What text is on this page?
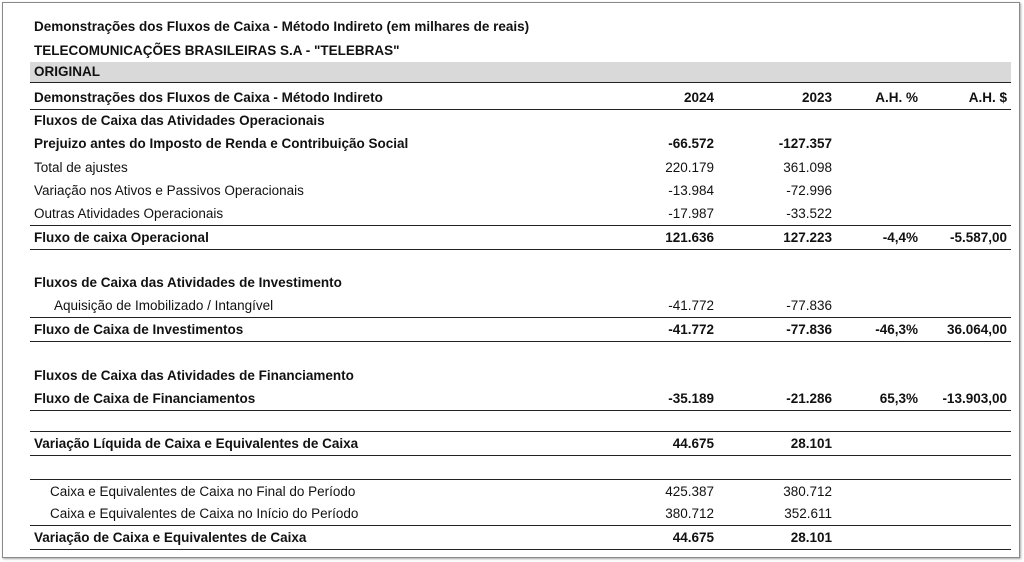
Demonstrações dos Fluxos de Caixa - Método Indireto (em milhares de reais)
TELECOMUNICAÇÕES BRASILEIRAS S.A - "TELEBRAS"
ORIGINAL
Demonstrações dos Fluxos de Caixa - Método Indireto	2024	2023	A.H. %	A.H. $
Fluxos de Caixa das Atividades Operacionais
Prejuizo antes do Imposto de Renda e Contribuição Social	-66.572	-127.357
Total de ajustes	220.179	361.098
Variação nos Ativos e Passivos Operacionais	-13.984	-72.996
Outras Atividades Operacionais	-17.987	-33.522
Fluxo de caixa Operacional	121.636	127.223	-4,4% -5.587,00
Fluxos de Caixa das Atividades de Investimento
Aquisição de Imobilizado / Intangível	-41.772	-77.836
Fluxo de Caixa de Investimentos	-41.772	-77.836	-46,3% 36.064,00
Fluxos de Caixa das Atividades de Financiamento
Fluxo de Caixa de Financiamentos	-35.189	-21.286	65,3% -13.903,00
Variação Líquida de Caixa e Equivalentes de Caixa	44.675	28.101
Caixa e Equivalentes de Caixa no Final do Período	425.387	380.712
Caixa e Equivalentes de Caixa no Início do Período	380.712	352.611
Variação de Caixa e Equivalentes de Caixa	44.675	28.101
